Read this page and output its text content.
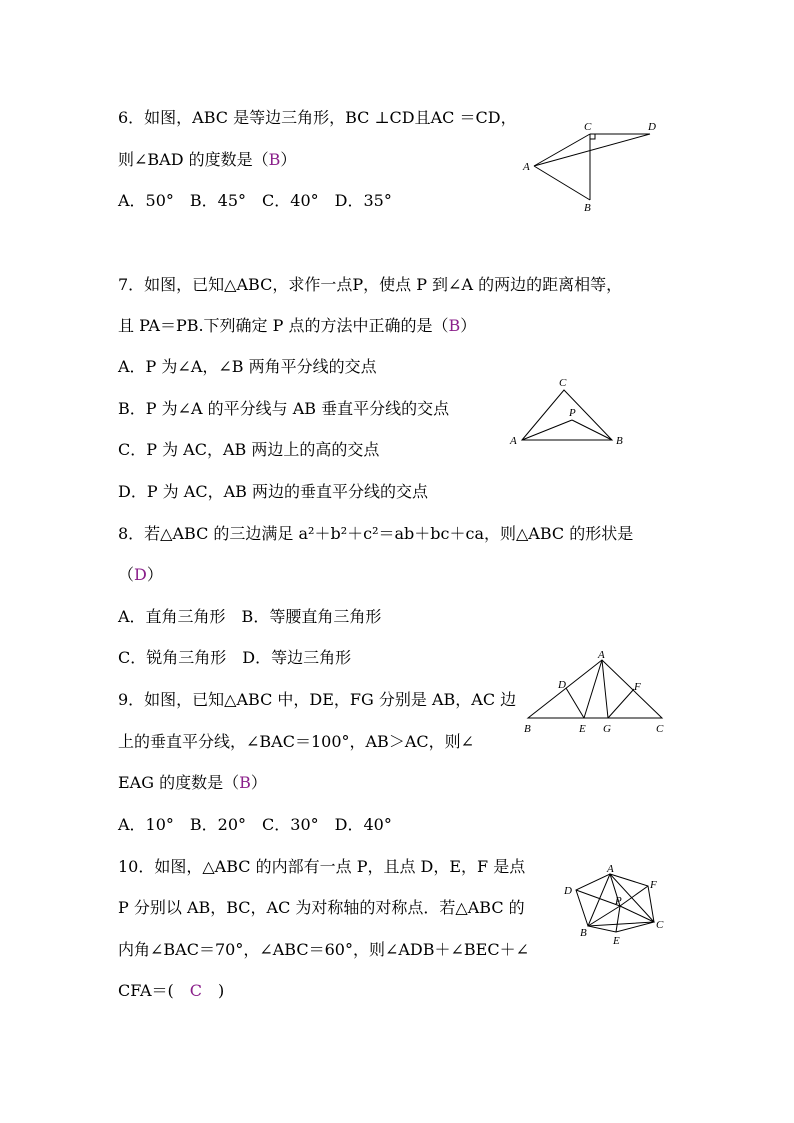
6．如图，ABC 是等边三角形，BC ⊥CD且AC ＝CD，
则∠BAD 的度数是（B）
A．50°　B．45°　C．40°　D．35°
A
B
C	D
7．如图，已知△ABC，求作一点P，使点 P 到∠A 的两边的距离相等，
且 PA＝PB.下列确定 P 点的方法中正确的是（B）
A．P 为∠A，∠B 两角平分线的交点
B．P 为∠A 的平分线与 AB 垂直平分线的交点
C．P 为 AC，AB 两边上的高的交点
D．P 为 AC，AB 两边的垂直平分线的交点
A	B
C
P
8．若△ABC 的三边满足 a²＋b²＋c²＝ab＋bc＋ca，则△ABC 的形状是
（D）
A．直角三角形　B．等腰直角三角形
C．锐角三角形　D．等边三角形
9．如图，已知△ABC 中，DE，FG 分别是 AB，AC 边
上的垂直平分线，∠BAC＝100°，AB＞AC，则∠
EAG 的度数是（B）
A．10°　B．20°　C．30°　D．40°
A
B	C
D
E
F
G
10．如图，△ABC 的内部有一点 P，且点 D，E，F 是点
P 分别以 AB，BC，AC 为对称轴的对称点．若△ABC 的
内角∠BAC＝70°，∠ABC＝60°，则∠ADB＋∠BEC＋∠
CFA＝(　C　)
A
B
C
D
E
F
P
